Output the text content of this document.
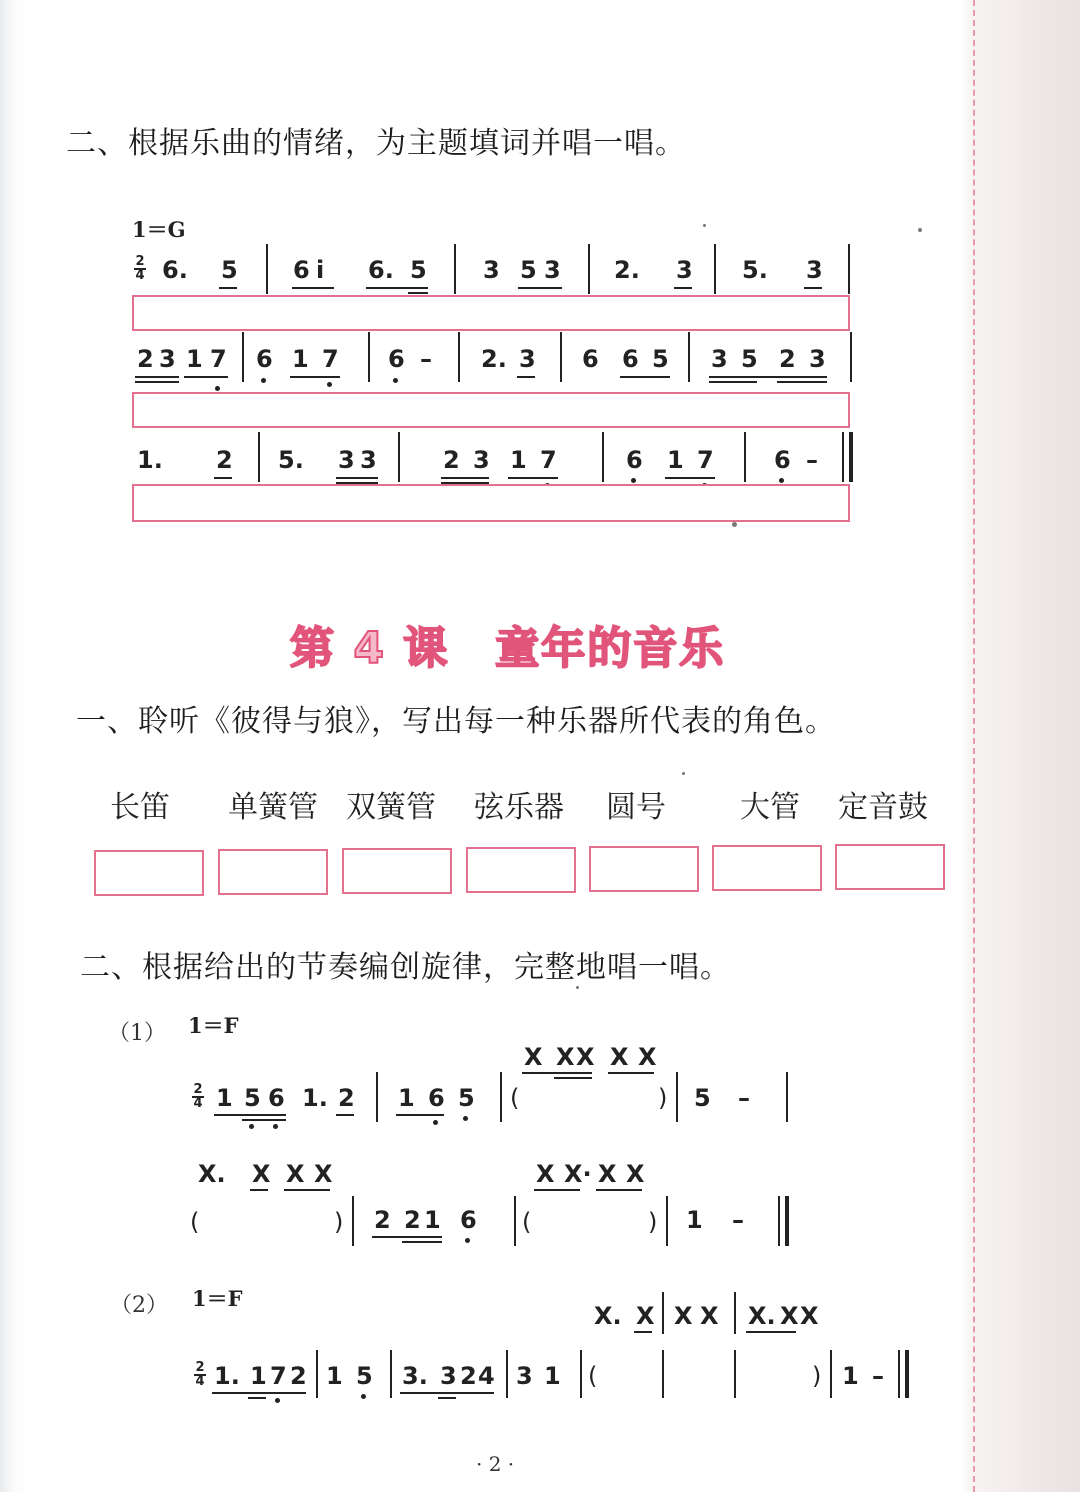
二、根据乐曲的情绪，为主题填词并唱一唱。
1＝G
2
4 6. 5 6 i 6. 5 3 5 3 2. 3 5. 3
2 3 1 7 6 1 7 6 – 2. 3 6 6 5 3 5 2 3
1. 2 5. 3 3	2 3 1 7	6 1 7	6 –
第 4 课　童年的音乐
一、聆听《彼得与狼》，写出每一种乐器所代表的角色。
长笛 单簧管 双簧管 弦乐器 圆号 大管 定音鼓
二、根据给出的节奏编创旋律，完整地唱一唱。
（1） 1＝F
X X X X X
2
4 1 5 6 1. 2 1 6 5 (	) 5 –
X. X X X	X X· X X
(	) 2 2 1 6 (	) 1 –
（2） 1＝F
X. X X X X. X X
2
4 1. 1 7 2 1 5 3. 3 2 4 3 1 (	) 1 –
· 2 ·
